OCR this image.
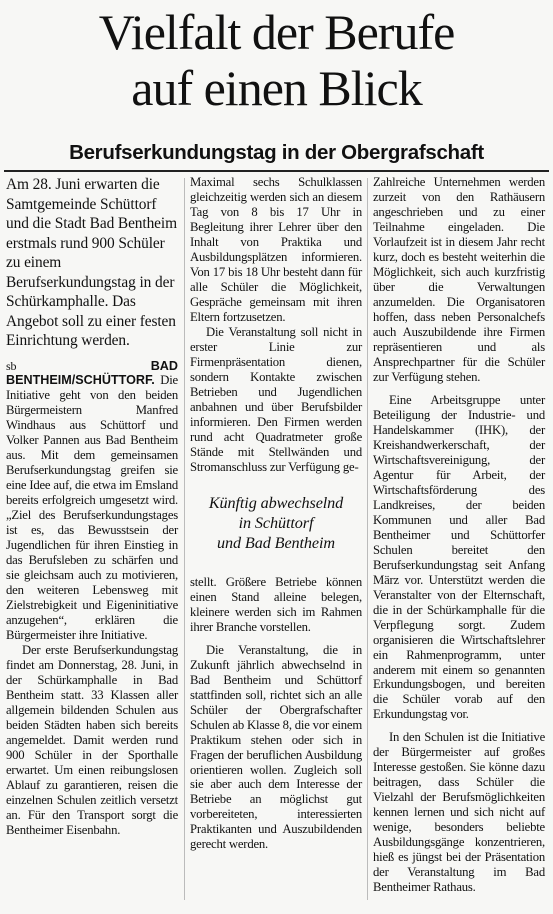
Vielfalt der Berufe
auf einen Blick
Berufserkundungstag in der Obergrafschaft

Am 28. Juni erwarten die Samtgemeinde Schüttorf und die Stadt Bad Bentheim erstmals rund 900 Schüler zu einem Berufserkundungstag in der Schürkamphalle. Das Angebot soll zu einer festen Einrichtung werden.

sb	BAD BENTHEIM/SCHÜTTORF. Die Initiative geht von den beiden Bürgermeistern Manfred Windhaus aus Schüttorf und Volker Pannen aus Bad Bentheim aus. Mit dem gemeinsamen Berufserkundungstag greifen sie eine Idee auf, die etwa im Emsland bereits erfolgreich umgesetzt wird. „Ziel des Berufserkundungstages ist es, das Bewusstsein der Jugendlichen für ihren Einstieg in das Berufsleben zu schärfen und sie gleichsam auch zu motivieren, den weiteren Lebensweg mit Zielstrebigkeit und Eigeninitiative anzugehen“, erklären die Bürgermeister ihre Initiative.

Der erste Berufserkundungstag findet am Donnerstag, 28. Juni, in der Schürkamphalle in Bad Bentheim statt. 33 Klassen aller allgemein bildenden Schulen aus beiden Städten haben sich bereits angemeldet. Damit werden rund 900 Schüler in der Sporthalle erwartet. Um einen reibungslosen Ablauf zu garantieren, reisen die einzelnen Schulen zeitlich versetzt an. Für den Transport sorgt die Bentheimer Eisenbahn.

Maximal sechs Schulklassen gleichzeitig werden sich an diesem Tag von 8 bis 17 Uhr in Begleitung ihrer Lehrer über den Inhalt von Praktika und Ausbildungsplätzen informieren. Von 17 bis 18 Uhr besteht dann für alle Schüler die Möglichkeit, Gespräche gemeinsam mit ihren Eltern fortzusetzen.

Die Veranstaltung soll nicht in erster Linie zur Firmenpräsentation dienen, sondern Kontakte zwischen Betrieben und Jugendlichen anbahnen und über Berufsbilder informieren. Den Firmen werden rund acht Quadratmeter große Stände mit Stellwänden und Stromanschluss zur Verfügung ge-

Künftig abwechselnd
in Schüttorf
und Bad Bentheim

stellt. Größere Betriebe können einen Stand alleine belegen, kleinere werden sich im Rahmen ihrer Branche vorstellen.

Die Veranstaltung, die in Zukunft jährlich abwechselnd in Bad Bentheim und Schüttorf stattfinden soll, richtet sich an alle Schüler der Obergrafschafter Schulen ab Klasse 8, die vor einem Praktikum stehen oder sich in Fragen der beruflichen Ausbildung orientieren wollen. Zugleich soll sie aber auch dem Interesse der Betriebe an möglichst gut vorbereiteten, interessierten Praktikanten und Auszubildenden gerecht werden.

Zahlreiche Unternehmen werden zurzeit von den Rathäusern angeschrieben und zu einer Teilnahme eingeladen. Die Vorlaufzeit ist in diesem Jahr recht kurz, doch es besteht weiterhin die Möglichkeit, sich auch kurzfristig über die Verwaltungen anzumelden. Die Organisatoren hoffen, dass neben Personalchefs auch Auszubildende ihre Firmen repräsentieren und als Ansprechpartner für die Schüler zur Verfügung stehen.

Eine Arbeitsgruppe unter Beteiligung der Industrie- und Handelskammer (IHK), der Kreishandwerkerschaft, der Wirtschaftsvereinigung, der Agentur für Arbeit, der Wirtschaftsförderung des Landkreises, der beiden Kommunen und aller Bad Bentheimer und Schüttorfer Schulen bereitet den Berufserkundungstag seit Anfang März vor. Unterstützt werden die Veranstalter von der Elternschaft, die in der Schürkamphalle für die Verpflegung sorgt. Zudem organisieren die Wirtschaftslehrer ein Rahmenprogramm, unter anderem mit einem so genannten Erkundungsbogen, und bereiten die Schüler vorab auf den Erkundungstag vor.

In den Schulen ist die Initiative der Bürgermeister auf großes Interesse gestoßen. Sie könne dazu beitragen, dass Schüler die Vielzahl der Berufsmöglichkeiten kennen lernen und sich nicht auf wenige, besonders beliebte Ausbildungsgänge konzentrieren, hieß es jüngst bei der Präsentation der Veranstaltung im Bad Bentheimer Rathaus.
